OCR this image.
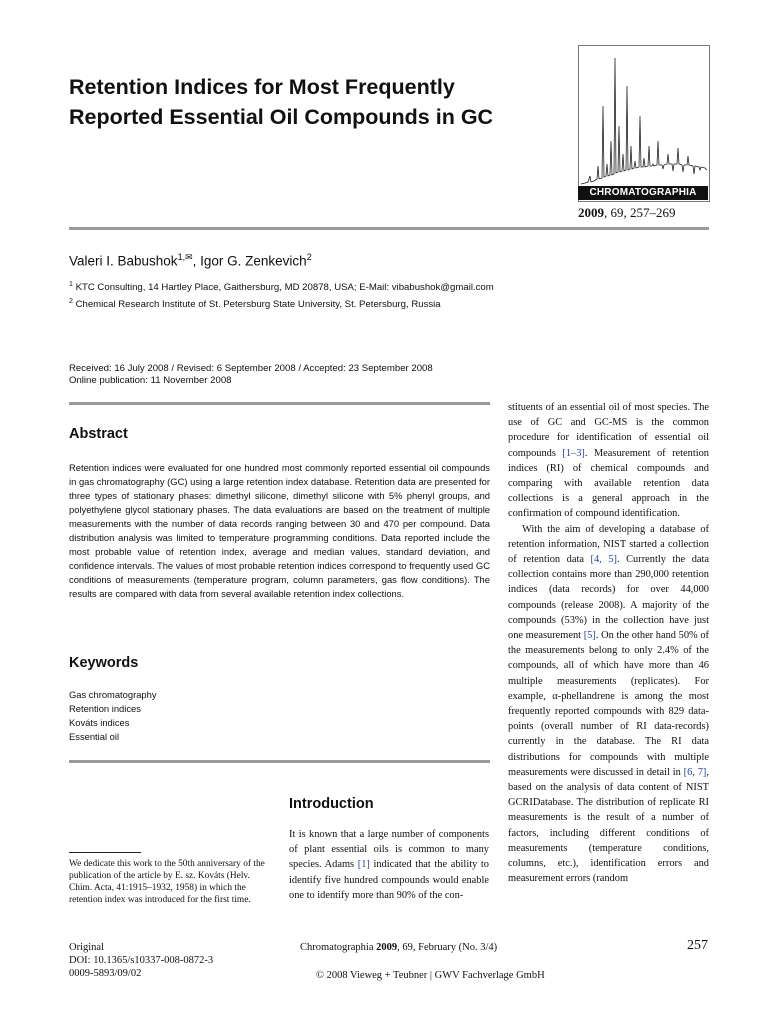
Retention Indices for Most Frequently Reported Essential Oil Compounds in GC
CHROMATOGRAPHIA
2009, 69, 257–269
Valeri I. Babushok$^{1,✉}$, Igor G. Zenkevich$^2$
$^1$ KTC Consulting, 14 Hartley Place, Gaithersburg, MD 20878, USA; E-Mail: vibabushok@gmail.com
$^2$ Chemical Research Institute of St. Petersburg State University, St. Petersburg, Russia
Received: 16 July 2008 / Revised: 6 September 2008 / Accepted: 23 September 2008
Online publication: 11 November 2008
Abstract
Retention indices were evaluated for one hundred most commonly reported essential oil compounds in gas chromatography (GC) using a large retention index database. Retention data are presented for three types of stationary phases: dimethyl silicone, dimethyl silicone with 5% phenyl groups, and polyethylene glycol stationary phases. The data evaluations are based on the treatment of multiple measurements with the number of data records ranging between 30 and 470 per compound. Data distribution analysis was limited to temperature programming conditions. Data reported include the most probable value of retention index, average and median values, standard deviation, and confidence intervals. The values of most probable retention indices correspond to frequently used GC conditions of measurements (temperature program, column parameters, gas flow conditions). The results are compared with data from several available retention index collections.
Keywords
Gas chromatography
Retention indices
Kováts indices
Essential oil
We dedicate this work to the 50th anniversary of the publication of the article by E. sz. Kováts (Helv. Chim. Acta, 41:1915–1932, 1958) in which the retention index was introduced for the first time.
Introduction
It is known that a large number of components of plant essential oils is common to many species. Adams [1] indicated that the ability to identify five hundred compounds would enable one to identify more than 90% of the con-
stituents of an essential oil of most species. The use of GC and GC-MS is the common procedure for identification of essential oil compounds [1–3]. Measurement of retention indices (RI) of chemical compounds and comparing with available retention data collections is a general approach in the confirmation of compound identification.
With the aim of developing a database of retention information, NIST started a collection of retention data [4, 5]. Currently the data collection contains more than 290,000 retention indices (data records) for over 44,000 compounds (release 2008). A majority of the compounds (53%) in the collection have just one measurement [5]. On the other hand 50% of the measurements belong to only 2.4% of the compounds, all of which have more than 46 multiple measurements (replicates). For example, α-phellandrene is among the most frequently reported compounds with 829 data-points (overall number of RI data-records) currently in the database. The RI data distributions for compounds with multiple measurements were discussed in detail in [6, 7], based on the analysis of data content of NIST GCRIDatabase. The distribution of replicate RI measurements is the result of a number of factors, including different conditions of measurements (temperature conditions, columns, etc.), identification errors and measurement errors (random
Original
DOI: 10.1365/s10337-008-0872-3
0009-5893/09/02
Chromatographia 2009, 69, February (No. 3/4)	257
© 2008 Vieweg + Teubner | GWV Fachverlage GmbH
